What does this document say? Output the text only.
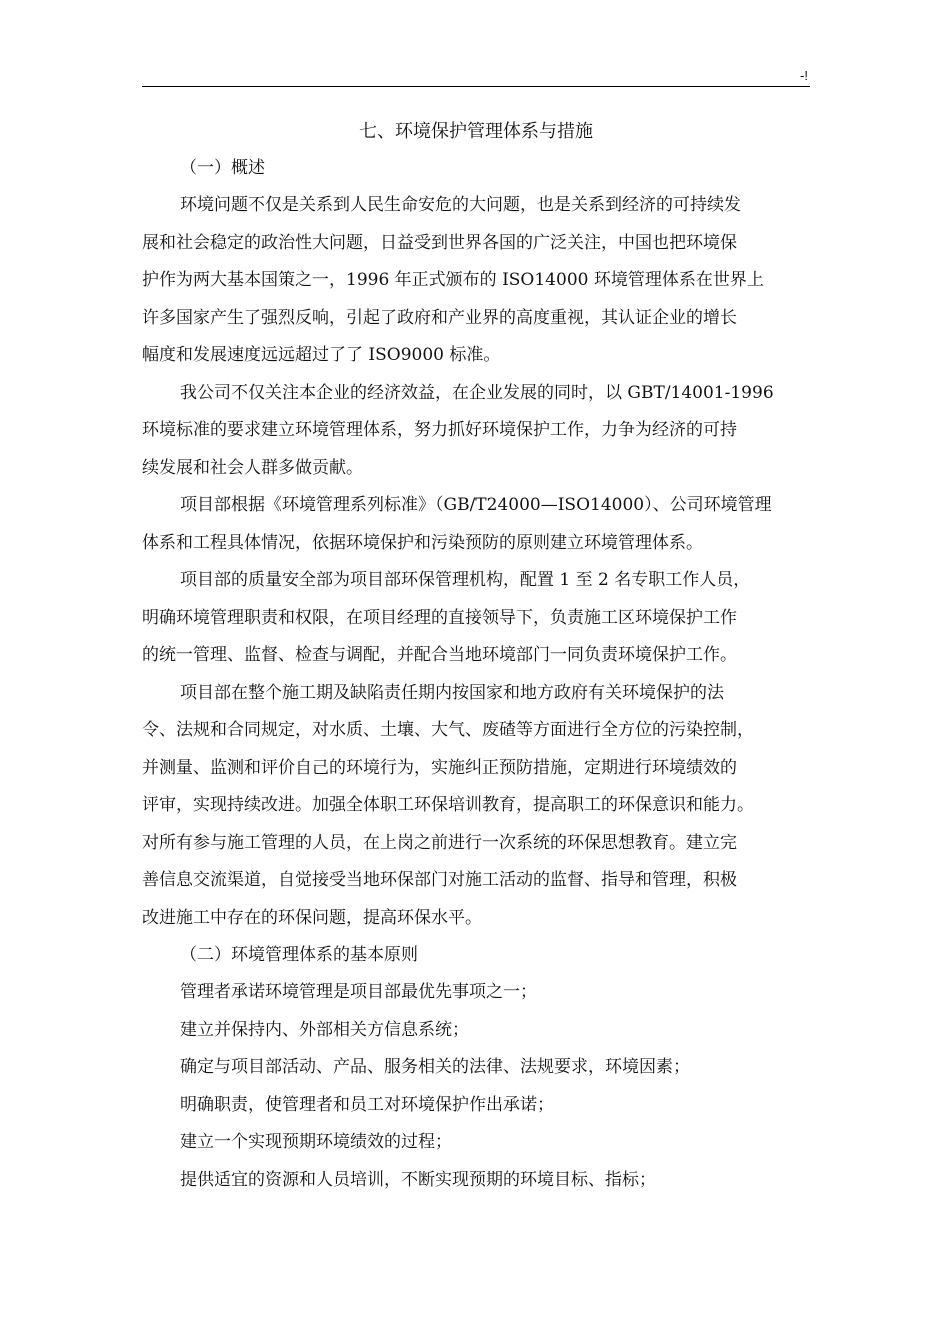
-!
七、环境保护管理体系与措施
（一）概述
环境问题不仅是关系到人民生命安危的大问题，也是关系到经济的可持续发
展和社会稳定的政治性大问题，日益受到世界各国的广泛关注，中国也把环境保
护作为两大基本国策之一，1996 年正式颁布的 ISO14000 环境管理体系在世界上
许多国家产生了强烈反响，引起了政府和产业界的高度重视，其认证企业的增长
幅度和发展速度远远超过了了 ISO9000 标准。
我公司不仅关注本企业的经济效益，在企业发展的同时，以 GBT/14001-1996
环境标准的要求建立环境管理体系，努力抓好环境保护工作，力争为经济的可持
续发展和社会人群多做贡献。
项目部根据《环境管理系列标准》（GB/T24000—ISO14000）、公司环境管理
体系和工程具体情况，依据环境保护和污染预防的原则建立环境管理体系。
项目部的质量安全部为项目部环保管理机构，配置 1 至 2 名专职工作人员，
明确环境管理职责和权限，在项目经理的直接领导下，负责施工区环境保护工作
的统一管理、监督、检查与调配，并配合当地环境部门一同负责环境保护工作。
项目部在整个施工期及缺陷责任期内按国家和地方政府有关环境保护的法
令、法规和合同规定，对水质、土壤、大气、废碴等方面进行全方位的污染控制，
并测量、监测和评价自己的环境行为，实施纠正预防措施，定期进行环境绩效的
评审，实现持续改进。加强全体职工环保培训教育，提高职工的环保意识和能力。
对所有参与施工管理的人员，在上岗之前进行一次系统的环保思想教育。建立完
善信息交流渠道，自觉接受当地环保部门对施工活动的监督、指导和管理，积极
改进施工中存在的环保问题，提高环保水平。
（二）环境管理体系的基本原则
管理者承诺环境管理是项目部最优先事项之一；
建立并保持内、外部相关方信息系统；
确定与项目部活动、产品、服务相关的法律、法规要求，环境因素；
明确职责，使管理者和员工对环境保护作出承诺；
建立一个实现预期环境绩效的过程；
提供适宜的资源和人员培训，不断实现预期的环境目标、指标；
